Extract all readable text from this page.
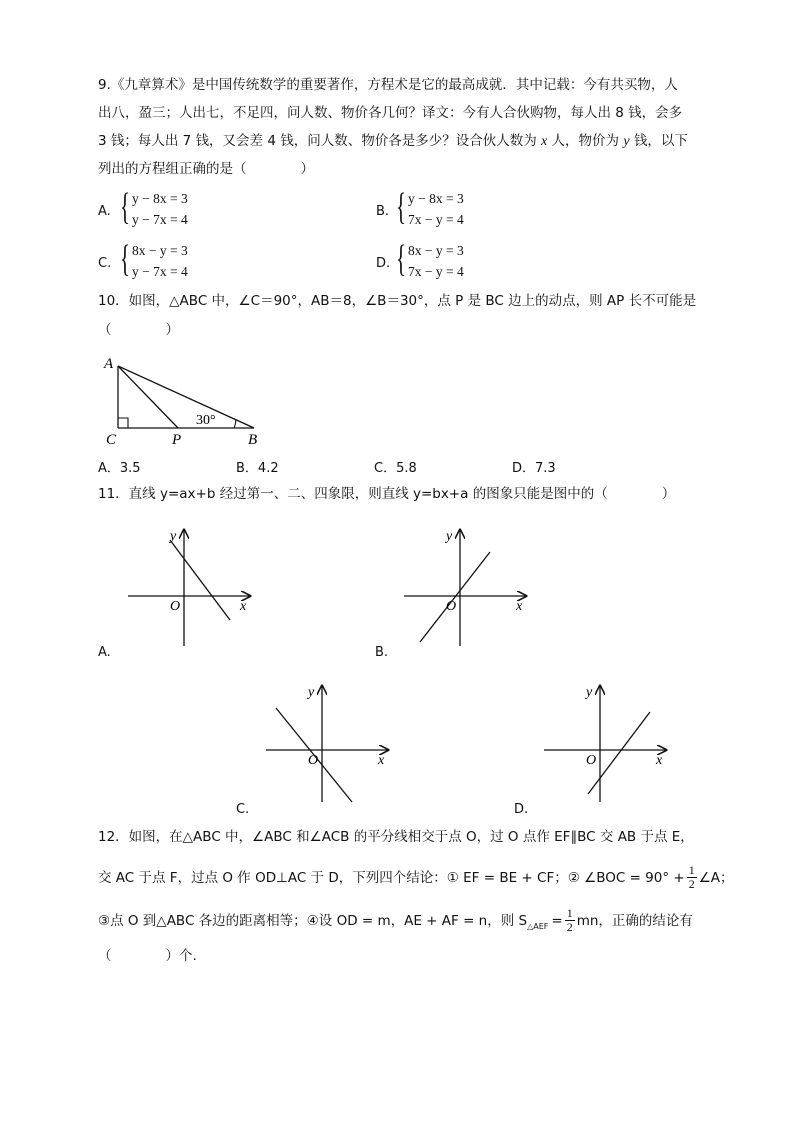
9.《九章算术》是中国传统数学的重要著作，方程术是它的最高成就．其中记载：今有共买物，人
出八，盈三；人出七，不足四，问人数、物价各几何？译文：今有人合伙购物，每人出 8 钱，会多
3 钱；每人出 7 钱，又会差 4 钱，问人数、物价各是多少？设合伙人数为 x 人，物价为 y 钱，以下
列出的方程组正确的是（　　　　）
A. { y − 8x = 3
y − 7x = 4
B. { y − 8x = 3
7x − y = 4
C. { 8x − y = 3
y − 7x = 4
D. { 8x − y = 3
7x − y = 4
10．如图，△ABC 中，∠C＝90°，AB＝8，∠B＝30°，点 P 是 BC 边上的动点，则 AP 长不可能是
（　　　　）
A
C	P	B
30°
A．3.5	B．4.2	C．5.8	D．7.3
11．直线 y=ax+b 经过第一、二、四象限，则直线 y=bx+a 的图象只能是图中的（　　　　）
y
x
O
A.
y
x
O
B.
y
x
O
C.
y
x
O
D.
12．如图，在△ABC 中，∠ABC 和∠ACB 的平分线相交于点 O，过 O 点作 EF∥BC 交 AB 于点 E，
交 AC 于点 F，过点 O 作 OD⊥AC 于 D，下列四个结论：① EF = BE + CF；② ∠BOC = $90^\circ + \frac{1}{2}$ ∠A；
③点 O 到△ABC 各边的距离相等；④设 OD = m，AE + AF = n，则 S △AEF = $\frac{1}{2}$ mn，正确的结论有
（　　　　）个.
